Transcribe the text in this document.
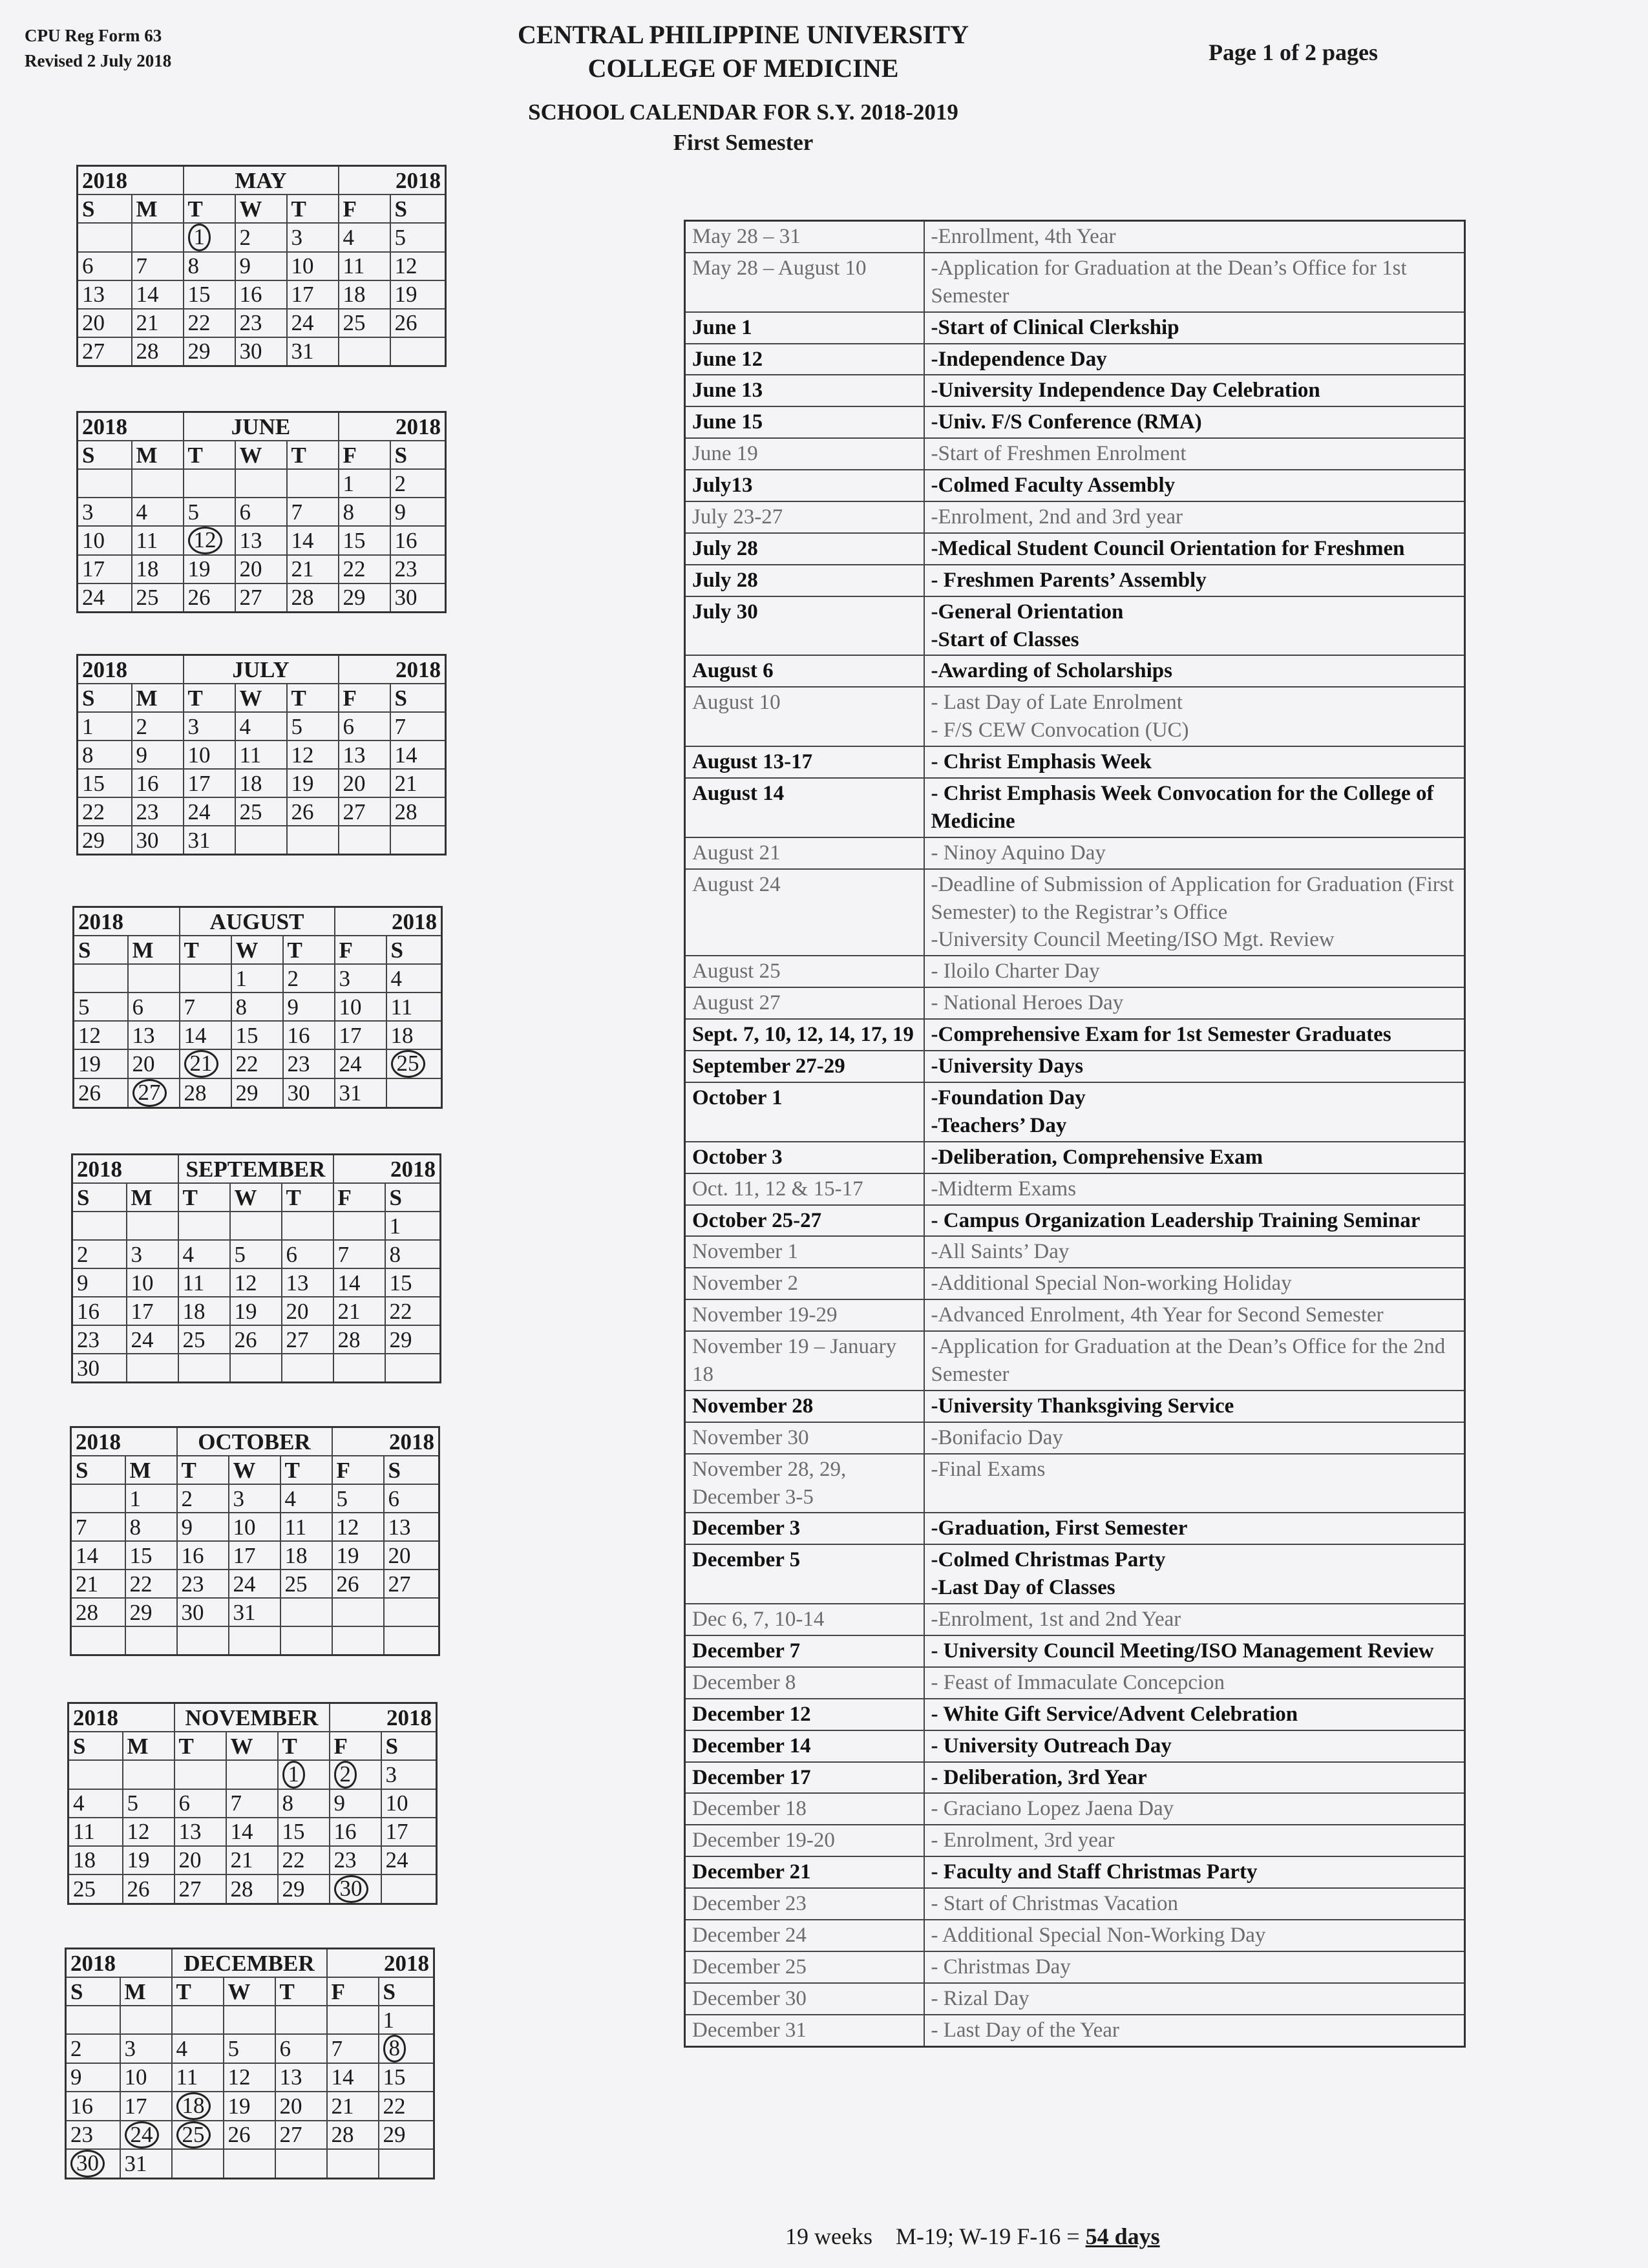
CPU Reg Form 63
Revised 2 July 2018
CENTRAL PHILIPPINE UNIVERSITY
COLLEGE OF MEDICINE
Page 1 of 2 pages
SCHOOL CALENDAR FOR S.Y. 2018-2019
First Semester
2018		MAY			2018	
S	M	T	W	T	F	S
		1	2	3	4	5
6	7	8	9	10	11	12
13	14	15	16	17	18	19
20	21	22	23	24	25	26
27	28	29	30	31		
2018		JUNE			2018	
S	M	T	W	T	F	S
					1	2
3	4	5	6	7	8	9
10	11	12	13	14	15	16
17	18	19	20	21	22	23
24	25	26	27	28	29	30
2018		JULY			2018	
S	M	T	W	T	F	S
1	2	3	4	5	6	7
8	9	10	11	12	13	14
15	16	17	18	19	20	21
22	23	24	25	26	27	28
29	30	31				
2018		AUGUST			2018	
S	M	T	W	T	F	S
			1	2	3	4
5	6	7	8	9	10	11
12	13	14	15	16	17	18
19	20	21	22	23	24	25
26	27	28	29	30	31	
2018		SEPTEMBER			2018	
S	M	T	W	T	F	S
						1
2	3	4	5	6	7	8
9	10	11	12	13	14	15
16	17	18	19	20	21	22
23	24	25	26	27	28	29
30						
2018		OCTOBER			2018	
S	M	T	W	T	F	S
	1	2	3	4	5	6
7	8	9	10	11	12	13
14	15	16	17	18	19	20
21	22	23	24	25	26	27
28	29	30	31			

2018		NOVEMBER			2018	
S	M	T	W	T	F	S
				1	2	3
4	5	6	7	8	9	10
11	12	13	14	15	16	17
18	19	20	21	22	23	24
25	26	27	28	29	30	
2018		DECEMBER			2018	
S	M	T	W	T	F	S
						1
2	3	4	5	6	7	8
9	10	11	12	13	14	15
16	17	18	19	20	21	22
23	24	25	26	27	28	29
30	31					
May 28 – 31	-Enrollment, 4th Year

May 28 – August 10	-Application for Graduation at the Dean’s Office for 1st Semester

June 1	-Start of Clinical Clerkship

June 12	-Independence Day

June 13	-University Independence Day Celebration

June 15	-Univ. F/S Conference (RMA)

June 19	-Start of Freshmen Enrolment

July13	-Colmed Faculty Assembly

July 23-27	-Enrolment, 2nd and 3rd year

July 28	-Medical Student Council Orientation for Freshmen

July 28	- Freshmen Parents’ Assembly

July 30	-General Orientation
-Start of Classes

August 6	-Awarding of Scholarships

August 10	- Last Day of Late Enrolment
- F/S CEW Convocation (UC)

August 13-17	- Christ Emphasis Week

August 14	- Christ Emphasis Week Convocation for the College of Medicine

August 21	- Ninoy Aquino Day

August 24	-Deadline of Submission of Application for Graduation (First Semester) to the Registrar’s Office
-University Council Meeting/ISO Mgt. Review

August 25	- Iloilo Charter Day

August 27	- National Heroes Day

Sept. 7, 10, 12, 14, 17, 19	-Comprehensive Exam for 1st Semester Graduates

September 27-29	-University Days

October 1	-Foundation Day
-Teachers’ Day

October 3	-Deliberation, Comprehensive Exam

Oct. 11, 12 & 15-17	-Midterm Exams

October 25-27	- Campus Organization Leadership Training Seminar

November 1	-All Saints’ Day

November 2	-Additional Special Non-working Holiday

November 19-29	-Advanced Enrolment, 4th Year for Second Semester

November 19 – January 18	-Application for Graduation at the Dean’s Office for the 2nd Semester

November 28	-University Thanksgiving Service

November 30	-Bonifacio Day

November 28, 29, December 3-5	-Final Exams

December 3	-Graduation, First Semester

December 5	-Colmed Christmas Party
-Last Day of Classes

Dec 6, 7, 10-14	-Enrolment, 1st and 2nd Year

December 7	- University Council Meeting/ISO Management Review

December 8	- Feast of Immaculate Concepcion

December 12	- White Gift Service/Advent Celebration

December 14	- University Outreach Day

December 17	- Deliberation, 3rd Year

December 18	- Graciano Lopez Jaena Day

December 19-20	- Enrolment, 3rd year

December 21	- Faculty and Staff Christmas Party

December 23	- Start of Christmas Vacation

December 24	- Additional Special Non-Working Day

December 25	- Christmas Day

December 30	- Rizal Day

December 31	- Last Day of the Year
19 weeks M-19; W-19 F-16 = 54 days
